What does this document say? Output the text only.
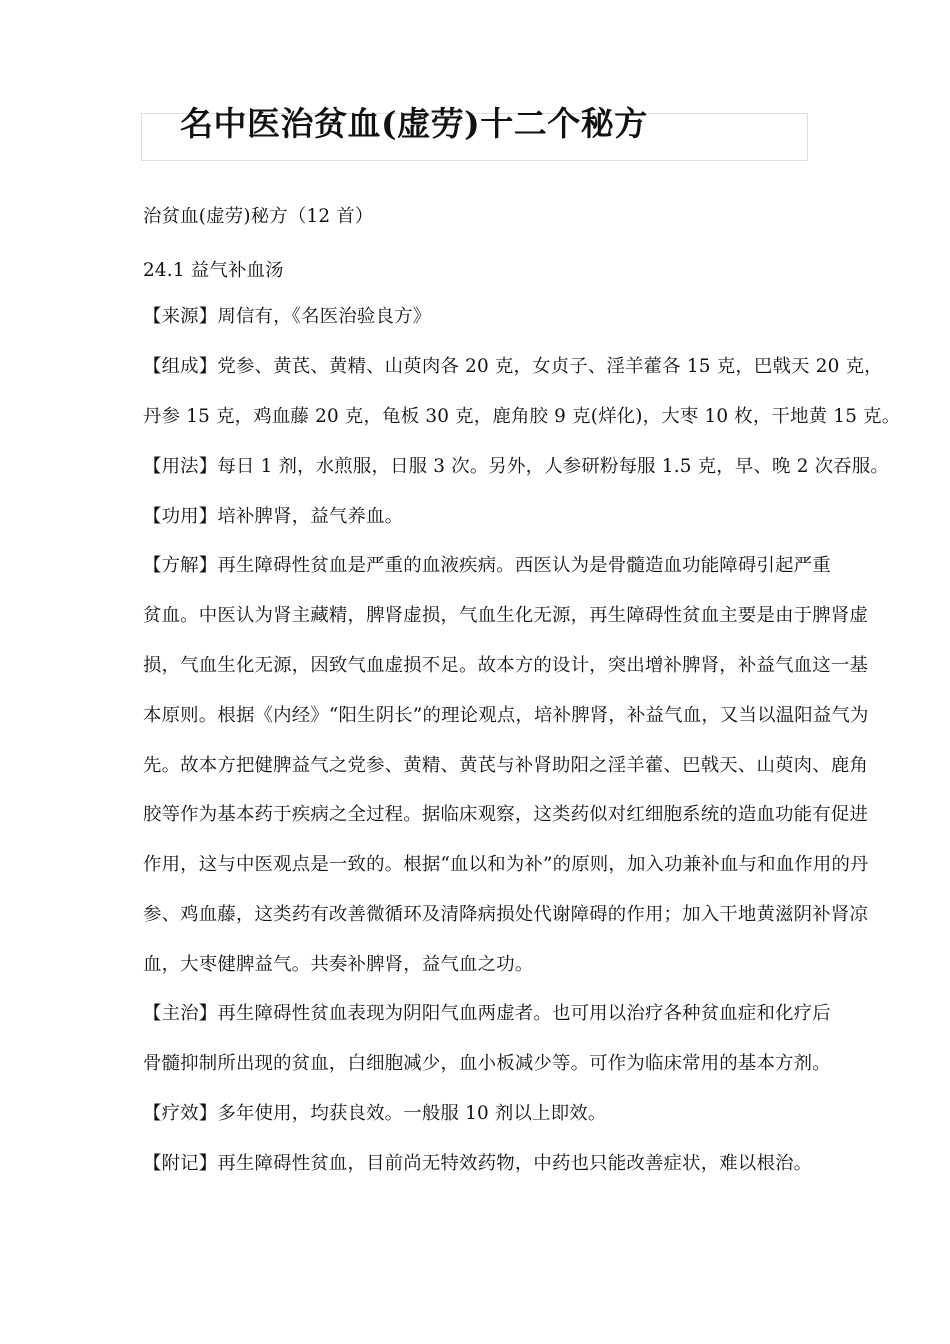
名中医治贫血(虚劳)十二个秘方

治贫血(虚劳)秘方（12 首）

24.1 益气补血汤

【来源】周信有，《名医治验良方》

【组成】党参、黄芪、黄精、山萸肉各 20 克，女贞子、淫羊藿各 15 克，巴戟天 20 克，

丹参 15 克，鸡血藤 20 克，龟板 30 克，鹿角胶 9 克(烊化)，大枣 10 枚，干地黄 15 克。

【用法】每日 1 剂，水煎服，日服 3 次。另外，人参研粉每服 1.5 克，早、晚 2 次吞服。

【功用】培补脾肾，益气养血。

【方解】再生障碍性贫血是严重的血液疾病。西医认为是骨髓造血功能障碍引起严重

贫血。中医认为肾主藏精，脾肾虚损，气血生化无源，再生障碍性贫血主要是由于脾肾虚

损，气血生化无源，因致气血虚损不足。故本方的设计，突出增补脾肾，补益气血这一基

本原则。根据《内经》“阳生阴长”的理论观点，培补脾肾，补益气血，又当以温阳益气为

先。故本方把健脾益气之党参、黄精、黄芪与补肾助阳之淫羊藿、巴戟天、山萸肉、鹿角

胶等作为基本药于疾病之全过程。据临床观察，这类药似对红细胞系统的造血功能有促进

作用，这与中医观点是一致的。根据“血以和为补”的原则，加入功兼补血与和血作用的丹

参、鸡血藤，这类药有改善微循环及清降病损处代谢障碍的作用；加入干地黄滋阴补肾凉

血，大枣健脾益气。共奏补脾肾，益气血之功。

【主治】再生障碍性贫血表现为阴阳气血两虚者。也可用以治疗各种贫血症和化疗后

骨髓抑制所出现的贫血，白细胞减少，血小板减少等。可作为临床常用的基本方剂。

【疗效】多年使用，均获良效。一般服 10 剂以上即效。

【附记】再生障碍性贫血，目前尚无特效药物，中药也只能改善症状，难以根治。
